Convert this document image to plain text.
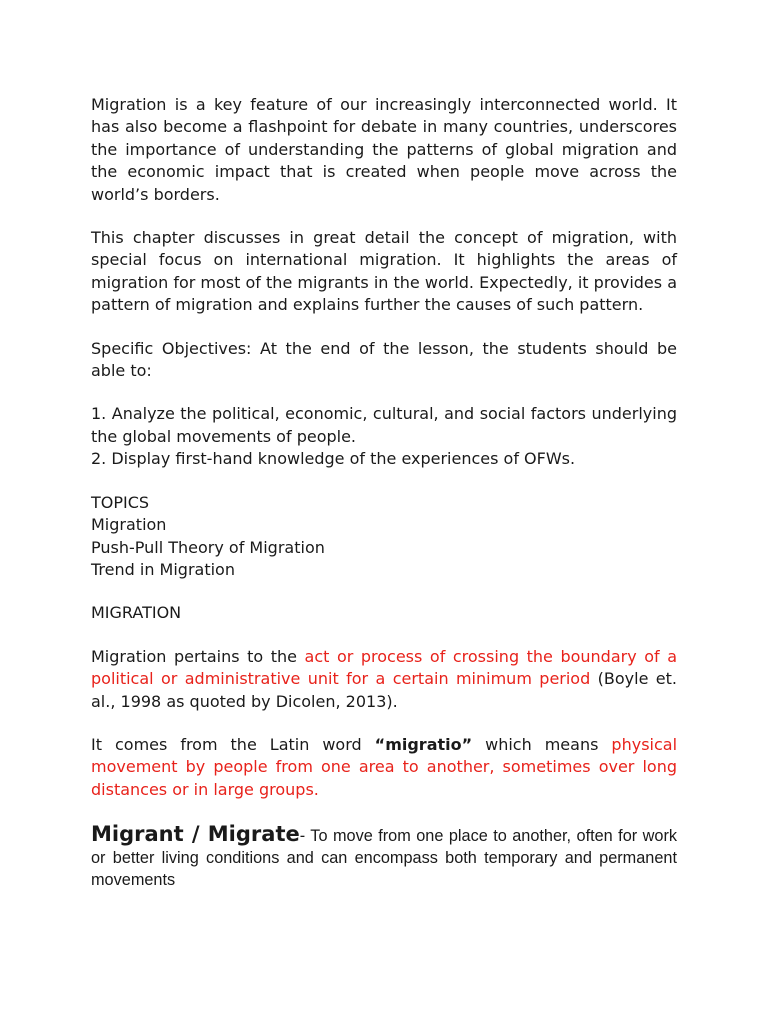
Migration is a key feature of our increasingly interconnected world. It has also become a flashpoint for debate in many countries, underscores the importance of understanding the patterns of global migration and the economic impact that is created when people move across the world’s borders.

This chapter discusses in great detail the concept of migration, with special focus on international migration. It highlights the areas of migration for most of the migrants in the world. Expectedly, it provides a pattern of migration and explains further the causes of such pattern.

Specific Objectives: At the end of the lesson, the students should be able to:

1. Analyze the political, economic, cultural, and social factors underlying the global movements of people.
2. Display first-hand knowledge of the experiences of OFWs.
TOPICS
Migration
Push-Pull Theory of Migration
Trend in Migration

MIGRATION

Migration pertains to the act or process of crossing the boundary of a political or administrative unit for a certain minimum period (Boyle et. al., 1998 as quoted by Dicolen, 2013).

It comes from the Latin word “migratio” which means physical movement by people from one area to another, sometimes over long distances or in large groups.

Migrant / Migrate- To move from one place to another, often for work or better living conditions and can encompass both temporary and permanent movements
